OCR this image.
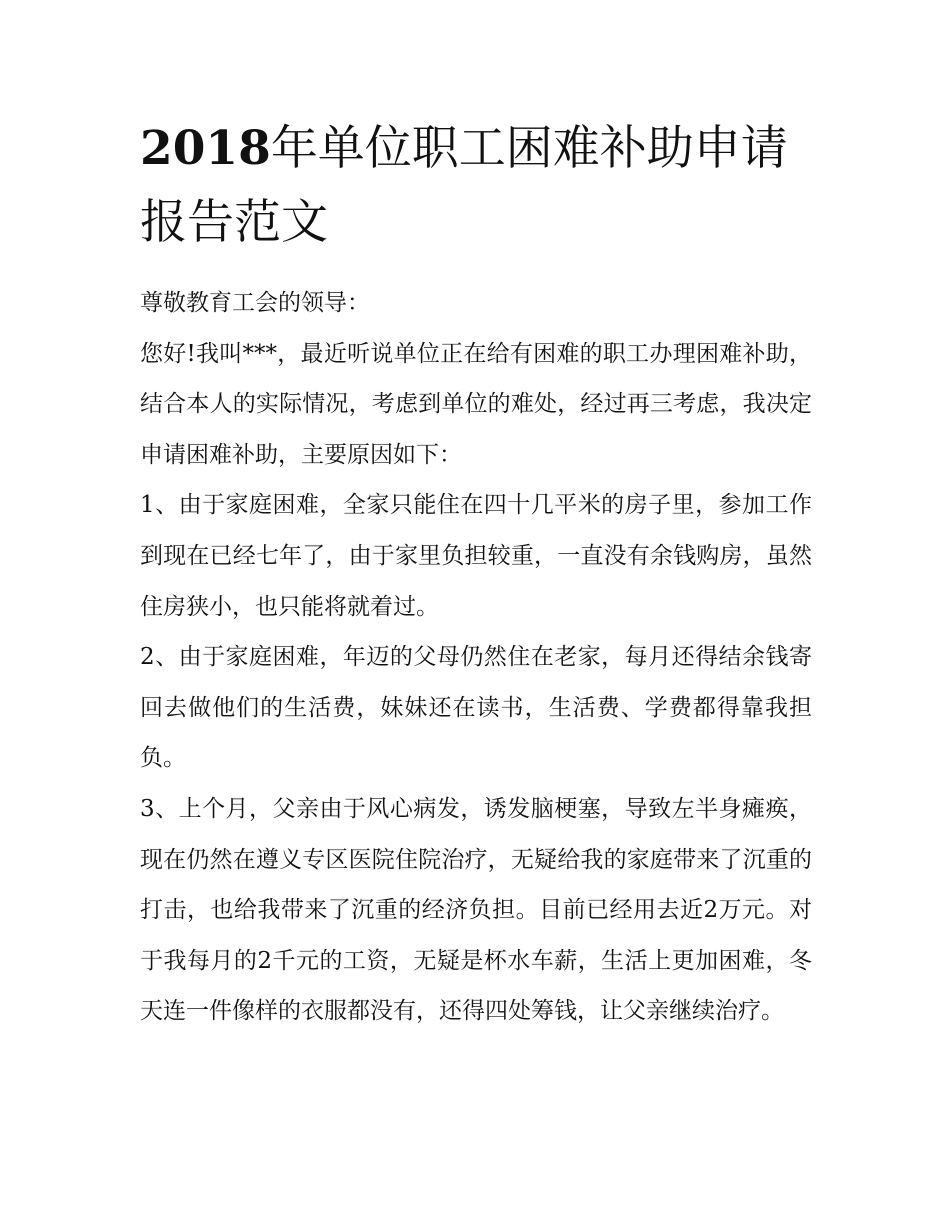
2018年单位职工困难补助申请报告范文

尊敬教育工会的领导：

您好!我叫***，最近听说单位正在给有困难的职工办理困难补助，结合本人的实际情况，考虑到单位的难处，经过再三考虑，我决定申请困难补助，主要原因如下：

1、由于家庭困难，全家只能住在四十几平米的房子里，参加工作到现在已经七年了，由于家里负担较重，一直没有余钱购房，虽然住房狭小，也只能将就着过。

2、由于家庭困难，年迈的父母仍然住在老家，每月还得结余钱寄回去做他们的生活费，妹妹还在读书，生活费、学费都得靠我担负。

3、上个月，父亲由于风心病发，诱发脑梗塞，导致左半身瘫痪，现在仍然在遵义专区医院住院治疗，无疑给我的家庭带来了沉重的打击，也给我带来了沉重的经济负担。目前已经用去近2万元。对于我每月的2千元的工资，无疑是杯水车薪，生活上更加困难，冬天连一件像样的衣服都没有，还得四处筹钱，让父亲继续治疗。
